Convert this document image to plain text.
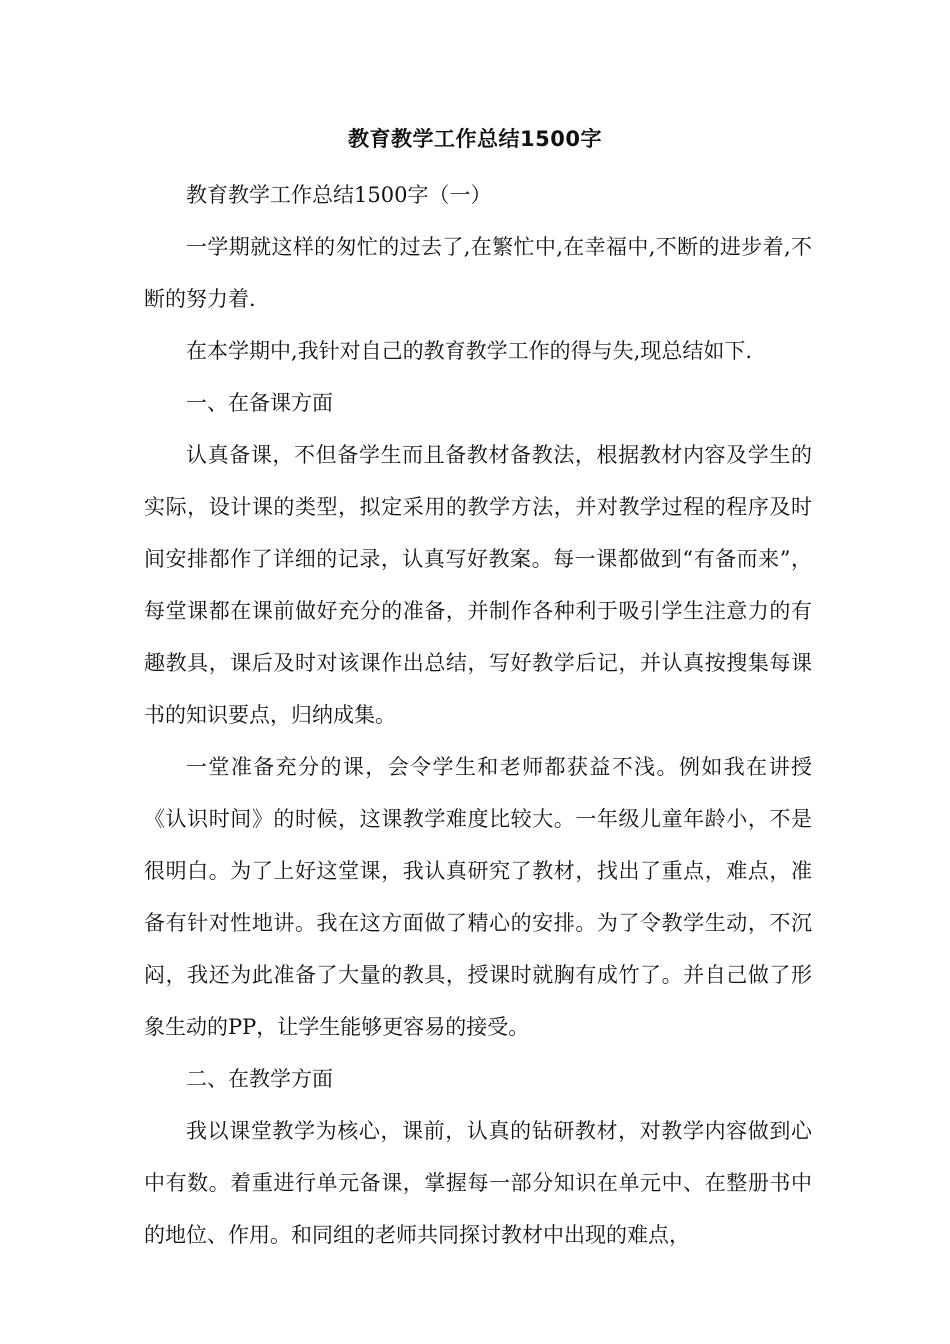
教育教学工作总结1500字

教育教学工作总结1500字（一）

一学期就这样的匆忙的过去了,在繁忙中,在幸福中,不断的进步着,不断的努力着.

在本学期中,我针对自己的教育教学工作的得与失,现总结如下.

一、在备课方面

认真备课，不但备学生而且备教材备教法，根据教材内容及学生的实际，设计课的类型，拟定采用的教学方法，并对教学过程的程序及时间安排都作了详细的记录，认真写好教案。每一课都做到“有备而来”，每堂课都在课前做好充分的准备，并制作各种利于吸引学生注意力的有趣教具，课后及时对该课作出总结，写好教学后记，并认真按搜集每课书的知识要点，归纳成集。

一堂准备充分的课，会令学生和老师都获益不浅。例如我在讲授《认识时间》的时候，这课教学难度比较大。一年级儿童年龄小，不是很明白。为了上好这堂课，我认真研究了教材，找出了重点，难点，准备有针对性地讲。我在这方面做了精心的安排。为了令教学生动，不沉闷，我还为此准备了大量的教具，授课时就胸有成竹了。并自己做了形象生动的PP，让学生能够更容易的接受。

二、在教学方面

我以课堂教学为核心，课前，认真的钻研教材，对教学内容做到心中有数。着重进行单元备课，掌握每一部分知识在单元中、在整册书中的地位、作用。和同组的老师共同探讨教材中出现的难点，
